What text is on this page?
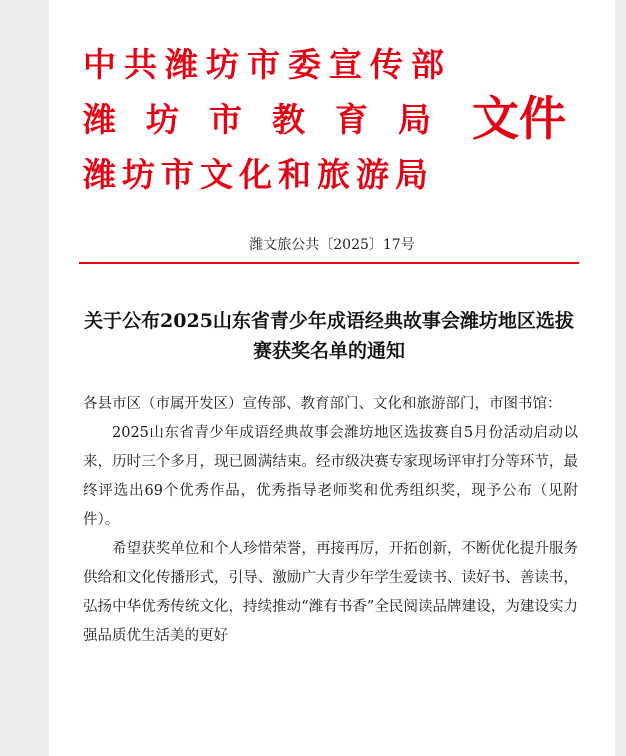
中共潍坊市委宣传部
潍坊市教育局
潍坊市文化和旅游局
文件
潍文旅公共〔2025〕17号
关于公布2025山东省青少年成语经典故事会潍坊地区选拔赛获奖名单的通知

各县市区（市属开发区）宣传部、教育部门、文化和旅游部门，市图书馆：

2025山东省青少年成语经典故事会潍坊地区选拔赛自5月份活动启动以来，历时三个多月，现已圆满结束。经市级决赛专家现场评审打分等环节，最终评选出69个优秀作品，优秀指导老师奖和优秀组织奖，现予公布（见附件）。

希望获奖单位和个人珍惜荣誉，再接再厉，开拓创新，不断优化提升服务供给和文化传播形式，引导、激励广大青少年学生爱读书、读好书、善读书，弘扬中华优秀传统文化，持续推动“潍有书香”全民阅读品牌建设，为建设实力强品质优生活美的更好
